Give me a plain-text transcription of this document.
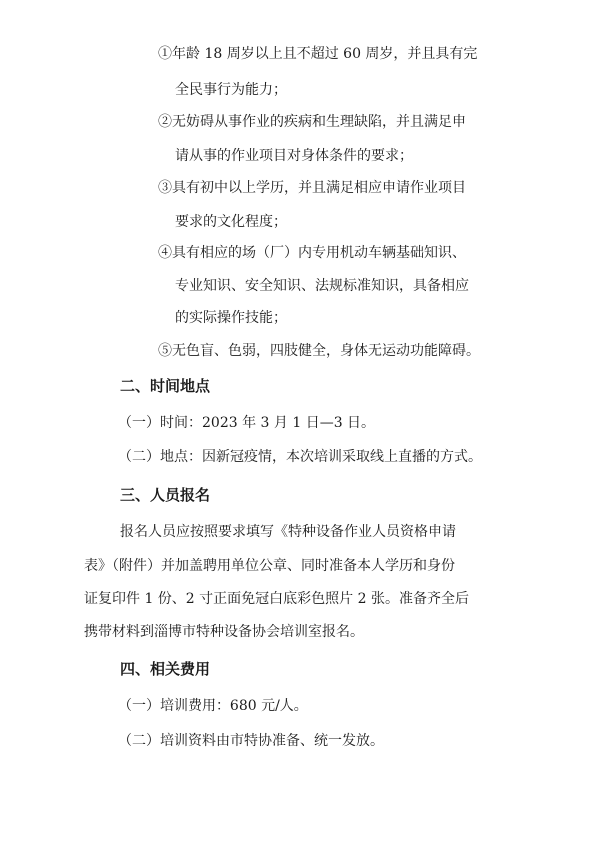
①年龄 18 周岁以上且不超过 60 周岁，并且具有完
全民事行为能力；
②无妨碍从事作业的疾病和生理缺陷，并且满足申
请从事的作业项目对身体条件的要求；
③具有初中以上学历，并且满足相应申请作业项目
要求的文化程度；
④具有相应的场（厂）内专用机动车辆基础知识、
专业知识、安全知识、法规标准知识，具备相应
的实际操作技能；
⑤无色盲、色弱，四肢健全，身体无运动功能障碍。
二、时间地点
（一）时间：2023 年 3 月 1 日—3 日。
（二）地点：因新冠疫情，本次培训采取线上直播的方式。
三、人员报名
报名人员应按照要求填写《特种设备作业人员资格申请
表》（附件）并加盖聘用单位公章、同时准备本人学历和身份
证复印件 1 份、2 寸正面免冠白底彩色照片 2 张。准备齐全后
携带材料到淄博市特种设备协会培训室报名。
四、相关费用
（一）培训费用：680 元/人。
（二）培训资料由市特协准备、统一发放。
